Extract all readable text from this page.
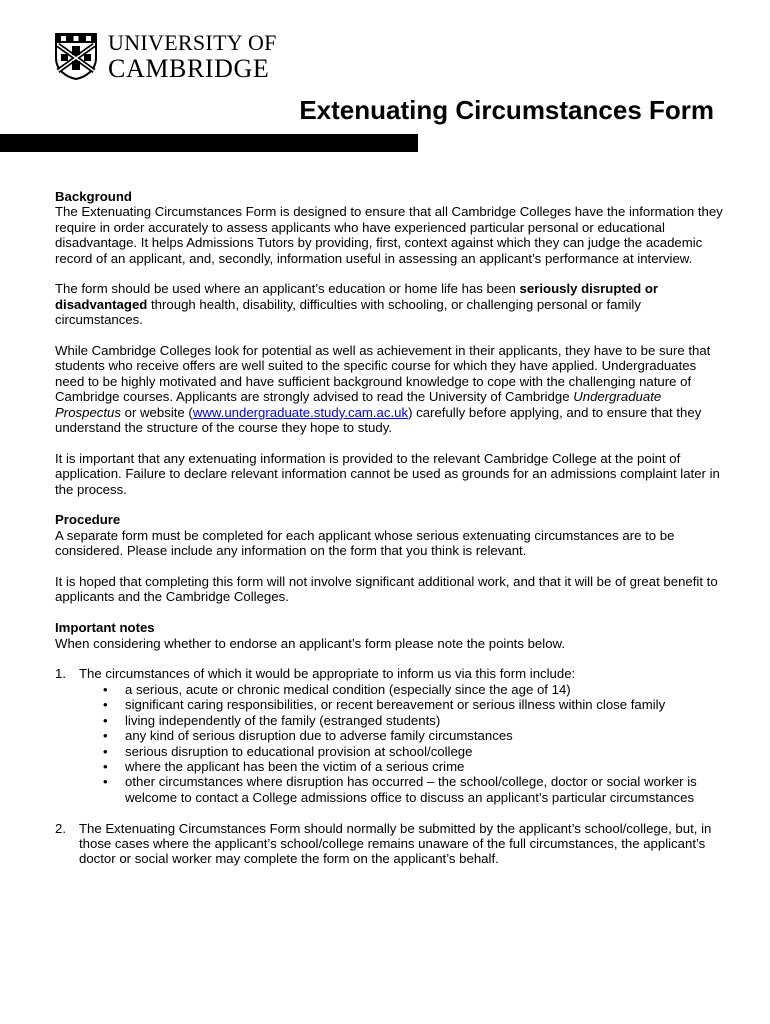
UNIVERSITY OF
CAMBRIDGE
Extenuating Circumstances Form

Background
The Extenuating Circumstances Form is designed to ensure that all Cambridge Colleges have the information they require in order accurately to assess applicants who have experienced particular personal or educational disadvantage. It helps Admissions Tutors by providing, first, context against which they can judge the academic record of an applicant, and, secondly, information useful in assessing an applicant’s performance at interview.

The form should be used where an applicant’s education or home life has been seriously disrupted or disadvantaged through health, disability, difficulties with schooling, or challenging personal or family circumstances.

While Cambridge Colleges look for potential as well as achievement in their applicants, they have to be sure that students who receive offers are well suited to the specific course for which they have applied. Undergraduates need to be highly motivated and have sufficient background knowledge to cope with the challenging nature of Cambridge courses. Applicants are strongly advised to read the University of Cambridge Undergraduate Prospectus or website (www.undergraduate.study.cam.ac.uk) carefully before applying, and to ensure that they understand the structure of the course they hope to study.

It is important that any extenuating information is provided to the relevant Cambridge College at the point of application. Failure to declare relevant information cannot be used as grounds for an admissions complaint later in the process.

Procedure
A separate form must be completed for each applicant whose serious extenuating circumstances are to be considered. Please include any information on the form that you think is relevant.

It is hoped that completing this form will not involve significant additional work, and that it will be of great benefit to applicants and the Cambridge Colleges.

Important notes
When considering whether to endorse an applicant’s form please note the points below.

1. The circumstances of which it would be appropriate to inform us via this form include:
• a serious, acute or chronic medical condition (especially since the age of 14)
• significant caring responsibilities, or recent bereavement or serious illness within close family
• living independently of the family (estranged students)
• any kind of serious disruption due to adverse family circumstances
• serious disruption to educational provision at school/college
• where the applicant has been the victim of a serious crime
• other circumstances where disruption has occurred – the school/college, doctor or social worker is welcome to contact a College admissions office to discuss an applicant’s particular circumstances
2. The Extenuating Circumstances Form should normally be submitted by the applicant’s school/college, but, in those cases where the applicant’s school/college remains unaware of the full circumstances, the applicant’s doctor or social worker may complete the form on the applicant’s behalf.
